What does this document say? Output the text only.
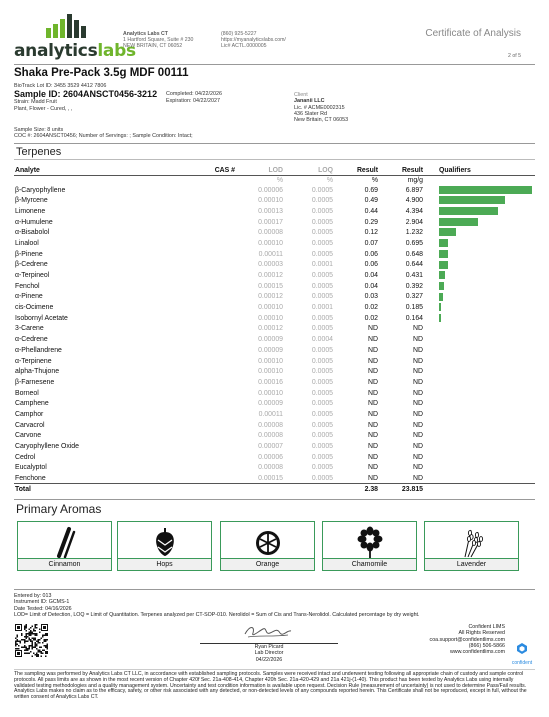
analyticslabs
Analytics Labs CT
1 Hartford Square, Suite # 230
NEW BRITAIN, CT 06052
(860) 925-5227
https://myanalyticslabs.com/
Lic# ACTL.0000005
Certificate of Analysis
2 of 5
Shaka Pre-Pack 3.5g MDF 00111
BioTrack Lot ID: 3455 3529 4412 7806
Sample ID: 2604ANSCT0456-3212 Completed: 04/22/2026
Expiration: 04/22/2027
Strain: Madd Fruit
Plant, Flower - Cured, , ,
Sample Size: 8 units
COC #: 2604ANSCT0456; Number of Servings: ; Sample Condition: Intact;
Client
Jananii LLC
Lic. # ACME0002315
436 Slater Rd
New Britain, CT 06053
Terpenes
Analyte	CAS #	LOD	LOQ	Result	Result	Qualifiers
		%	%	%	mg/g	
β-Caryophyllene		0.00006	0.0005	0.69	6.897	

β-Myrcene		0.00010	0.0005	0.49	4.900	

Limonene		0.00013	0.0005	0.44	4.394	

α-Humulene		0.00017	0.0005	0.29	2.904	

α-Bisabolol		0.00008	0.0005	0.12	1.232	

Linalool		0.00010	0.0005	0.07	0.695	

β-Pinene		0.00011	0.0005	0.06	0.648	

β-Cedrene		0.00003	0.0001	0.06	0.644	

α-Terpineol		0.00012	0.0005	0.04	0.431	

Fenchol		0.00015	0.0005	0.04	0.392	

α-Pinene		0.00012	0.0005	0.03	0.327	

cis-Ocimene		0.00010	0.0001	0.02	0.185	

Isobornyl Acetate		0.00010	0.0005	0.02	0.164	

3-Carene		0.00012	0.0005	ND	ND	
α-Cedrene		0.00009	0.0004	ND	ND	
α-Phellandrene		0.00009	0.0005	ND	ND	
α-Terpinene		0.00010	0.0005	ND	ND	
alpha-Thujone		0.00010	0.0005	ND	ND	
β-Farnesene		0.00016	0.0005	ND	ND	
Borneol		0.00010	0.0005	ND	ND	
Camphene		0.00009	0.0005	ND	ND	
Camphor		0.00011	0.0005	ND	ND	
Carvacrol		0.00008	0.0005	ND	ND	
Carvone		0.00008	0.0005	ND	ND	
Caryophyllene Oxide		0.00007	0.0005	ND	ND	
Cedrol		0.00006	0.0005	ND	ND	
Eucalyptol		0.00008	0.0005	ND	ND	
Fenchone		0.00015	0.0005	ND	ND	
Total				2.38	23.815	
Primary Aromas
Cinnamon	Hops	Orange	Chamomile	Lavender
Entered by: 013
Instrument ID: GCMS-1
Date Tested: 04/16/2026
LOD= Limit of Detection, LOQ = Limit of Quantitation. Terpenes analyzed per CT-SOP-010. Nerolidol = Sum of Cis and Trans-Nerolidol. Calculated percentage by dry weight.
Ryan Picard
Lab Director
04/22/2026
Confident LIMS
All Rights Reserved
coa.support@confidentlims.com
(866) 506-5866
www.confidentlims.com
confident
The sampling was performed by Analytics Labs CT LLC, in accordance with established sampling protocols. Samples were received intact and underwent testing following all appropriate chain of custody and sample control protocols. All pass limits are as shown in the most recent version of Chapter 420f Sec. 21a-408-414, Chapter 420h Sec. 21a-420-429 and 21a 421j-(1-40). This product has been tested by Analytics Labs using internally validated testing methodologies and a quality management system. Uncertainty and test condition information is available upon request. Decision Rule (measurement of uncertainty) is not used to determine Pass/Fail results. Analytics Labs makes no claim as to the efficacy, safety, or other risk associated with any detected, or non-detected levels of any compounds reported herein. This Certificate shall not be reproduced, except in full, without the written consent of Analytics Labs CT.
